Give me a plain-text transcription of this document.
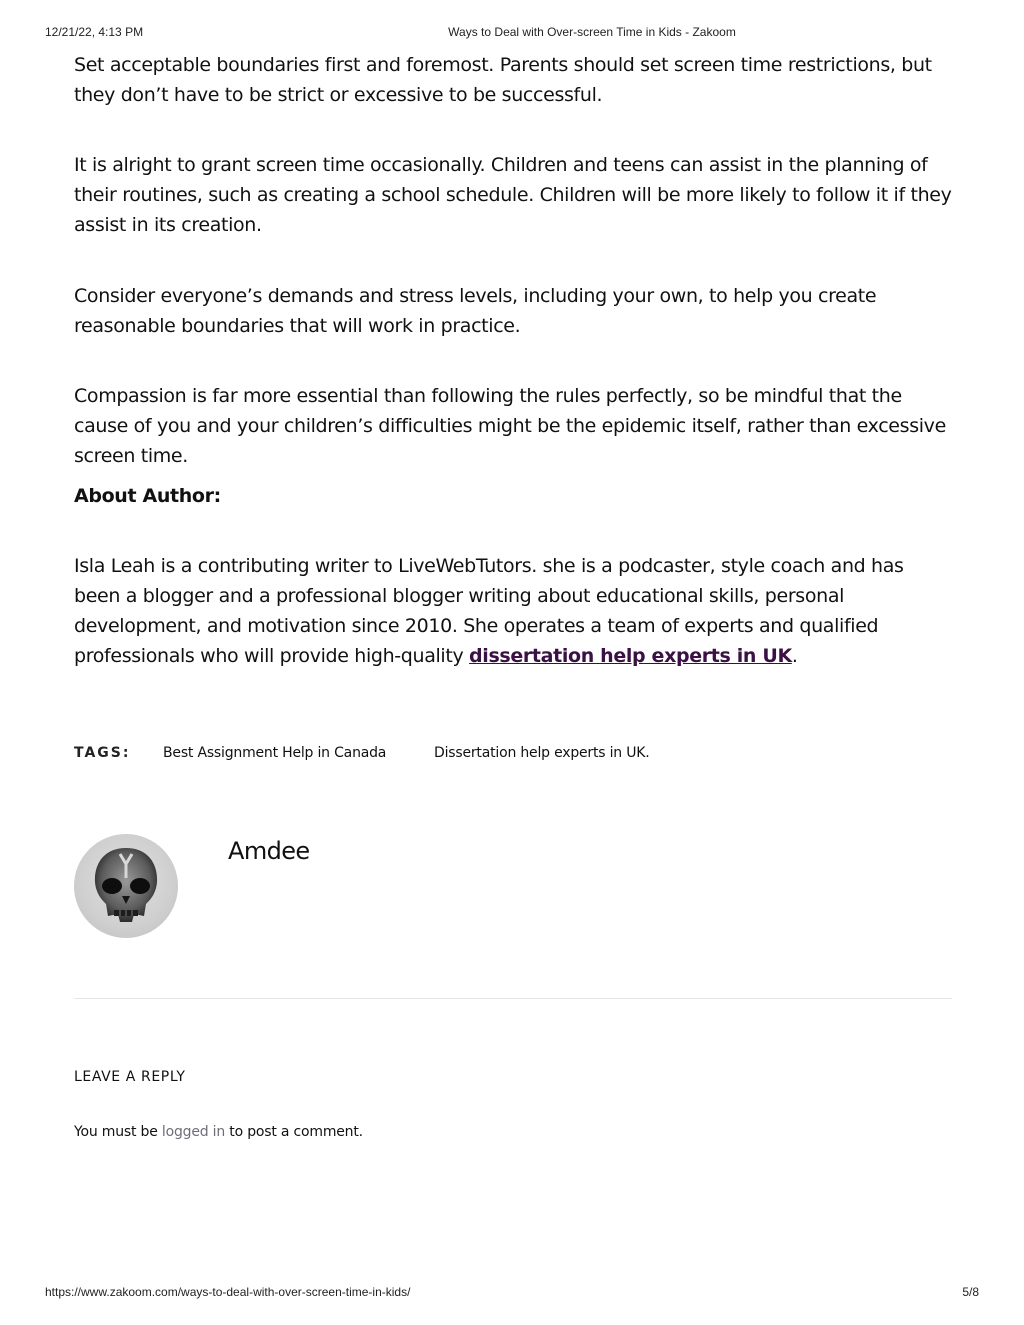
12/21/22, 4:13 PM	Ways to Deal with Over-screen Time in Kids - Zakoom

Set acceptable boundaries first and foremost. Parents should set screen time restrictions, but they don’t have to be strict or excessive to be successful.

It is alright to grant screen time occasionally. Children and teens can assist in the planning of their routines, such as creating a school schedule. Children will be more likely to follow it if they assist in its creation.

Consider everyone’s demands and stress levels, including your own, to help you create reasonable boundaries that will work in practice.

Compassion is far more essential than following the rules perfectly, so be mindful that the cause of you and your children’s difficulties might be the epidemic itself, rather than excessive screen time.

About Author:

Isla Leah is a contributing writer to LiveWebTutors. she is a podcaster, style coach and has been a blogger and a professional blogger writing about educational skills, personal development, and motivation since 2010. She operates a team of experts and qualified professionals who will provide high-quality dissertation help experts in UK.

TAGS: Best Assignment Help in Canada	Dissertation help experts in UK.
Amdee
LEAVE A REPLY
You must be logged in to post a comment.
https://www.zakoom.com/ways-to-deal-with-over-screen-time-in-kids/	5/8
